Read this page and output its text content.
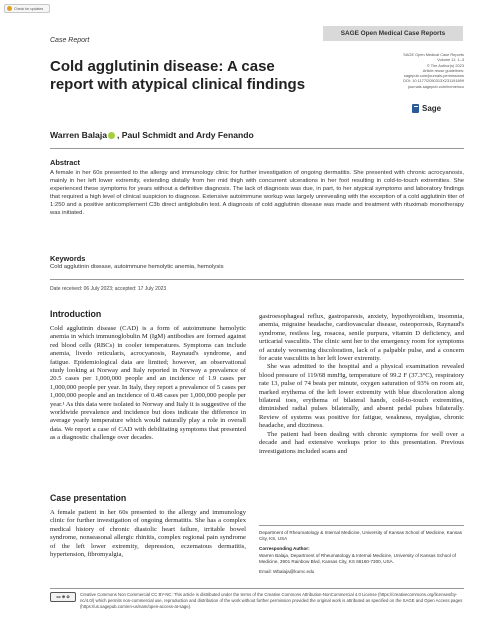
Check for updates
Case Report
SAGE Open Medical Case Reports
Cold agglutinin disease: A case report with atypical clinical findings
SAGE Open Medical Case Reports
Volume 11: 1–3
© The Author(s) 2023
Article reuse guidelines:
sagepub.com/journals-permissions
DOI: 10.1177/2050313X231191899
journals.sagepub.com/home/sco
Sage
Warren Balaja , Paul Schmidt and Ardy Fenando
Abstract
A female in her 60s presented to the allergy and immunology clinic for further investigation of ongoing dermatitis. She presented with chronic acrocyanosis, mainly in her left lower extremity, extending distally from her mid thigh with concurrent ulcerations in her foot resulting in cold-to-touch extremities. She experienced these symptoms for years without a definitive diagnosis. The lack of diagnosis was due, in part, to her atypical symptoms and laboratory findings that required a high level of clinical suspicion to diagnose. Extensive autoimmune workup was largely unrevealing with the exception of a cold agglutinin titer of 1:250 and a positive anticomplement C3b direct antiglobulin test. A diagnosis of cold agglutinin disease was made and treatment with rituximab monotherapy was initiated.
Keywords
Cold agglutinin disease, autoimmune hemolytic anemia, hemolysis
Date received: 06 July 2023; accepted: 17 July 2023
Introduction

Cold agglutinin disease (CAD) is a form of autoimmune hemolytic anemia in which immunoglobulin M (IgM) antibodies are formed against red blood cells (RBCs) in cooler temperatures. Symptoms can include anemia, livedo reticularis, acrocyanosis, Raynaud's syndrome, and fatigue. Epidemiological data are limited; however, an observational study looking at Norway and Italy reported in Norway a prevalence of 20.5 cases per 1,000,000 people and an incidence of 1.9 cases per 1,000,000 people per year. In Italy, they report a prevalence of 5 cases per 1,000,000 people and an incidence of 0.48 cases per 1,000,000 people per year.¹ As this data were isolated to Norway and Italy it is suggestive of the worldwide prevalence and incidence but does indicate the difference in average yearly temperature which would naturally play a role in overall data. We report a case of CAD with debilitating symptoms that presented as a diagnostic challenge over decades.

Case presentation

A female patient in her 60s presented to the allergy and immunology clinic for further investigation of ongoing dermatitis. She has a complex medical history of chronic diastolic heart failure, irritable bowel syndrome, nonseasonal allergic rhinitis, complex regional pain syndrome of the left lower extremity, depression, eczematous dermatitis, hypertension, fibromyalgia,

gastroesophageal reflux, gastroparesis, anxiety, hypothyroidism, insomnia, anemia, migraine headache, cardiovascular disease, osteoporosis, Raynaud's syndrome, restless leg, rosacea, senile purpura, vitamin D deficiency, and urticarial vasculitis. The clinic sent her to the emergency room for symptoms of acutely worsening discoloration, lack of a palpable pulse, and a concern for acute vasculitis in her left lower extremity.

She was admitted to the hospital and a physical examination revealed blood pressure of 119/68 mmHg, temperature of 99.2 F (37.3°C), respiratory rate 13, pulse of 74 beats per minute, oxygen saturation of 93% on room air, marked erythema of the left lower extremity with blue discoloration along bilateral toes, erythema of bilateral hands, cold-to-touch extremities, diminished radial pulses bilaterally, and absent pedal pulses bilaterally. Review of systems was positive for fatigue, weakness, myalgias, chronic headache, and dizziness.

The patient had been dealing with chronic symptoms for well over a decade and had extensive workups prior to this presentation. Previous investigations included scans and

Department of Rheumatology & Internal Medicine, University of Kansas School of Medicine, Kansas City, KS, USA
Corresponding Author:
Warren Balaja, Department of Rheumatology & Internal Medicine, University of Kansas School of Medicine, 3901 Rainbow Blvd, Kansas City, KS 66160-7300, USA.

Email: Wbalaja@kumc.edu
cc ⊕ ⊜	Creative Commons Non Commercial CC BY-NC: This article is distributed under the terms of the Creative Commons Attribution-NonCommercial 4.0 License (https://creativecommons.org/licenses/by-nc/4.0/) which permits non-commercial use, reproduction and distribution of the work without further permission provided the original work is attributed as specified on the SAGE and Open Access pages (https://us.sagepub.com/en-us/nam/open-access-at-sage).
